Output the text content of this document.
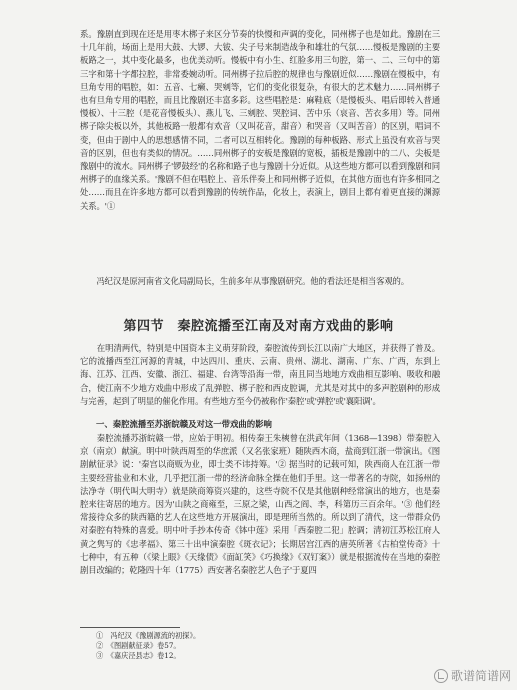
系。豫剧直到现在还是用枣木梆子来区分节奏的快慢和声调的变化，同州梆子也是如此。豫剧在三十几年前，场面上是用大鼓、大锣、大钹、尖子号来制造战争和雄壮的气氛……慢板是豫剧的主要板路之一，其中变化最多，也优美动听。慢板中有小生、红脸多用三句腔，第一、二、三句中的第三字和第十字都拉腔，非常委婉动听。同州梆子拉后腔的规律也与豫剧近似……豫剧在慢板中，有旦角专用的唱腔，如：五音、七癞、哭剜等，它们的变化很复杂，有很大的艺术魅力……同州梆子也有旦角专用的唱腔，而且比豫剧还丰富多彩。这些唱腔是：麻鞋底（是慢板头、唱后即转入普通慢板）、十三腔（是花音慢板头）、燕儿飞、三剜腔、哭腔词、苦中乐（哀音、苦衣多用）等。同州梆子除尖板以外，其他板路一般都有欢音（又叫花音，甜音）和哭音（又叫苦音）的区别，唱词不变，但由于剧中人的思想感情不同，二者可以互相转化。豫剧的每种板路、形式上虽没有欢音与哭音的区别，但也有类似的情况。……同州梆子的安板是豫剧的宽板，插板是豫剧中的二八、尖板是豫剧中的流水。同州梆子'锣鼓经'的名称和路子也与豫剧十分近似。从这些地方都可以看到豫剧和同州梆子的血缘关系。'豫剧不但在唱腔上、音乐伴奏上和同州梆子近似，在其他方面也有许多相同之处……而且在许多地方都可以看到豫剧的传统作品，化妆上，表演上，剧目上都有着更直接的渊源关系。'①

　　冯纪汉是原河南省文化局副局长，生前多年从事豫剧研究。他的看法还是相当客观的。

第四节　秦腔流播至江南及对南方戏曲的影响

　　在明清两代，特别是中国资本主义萌芽阶段，秦腔流传到长江以南广大地区，并获得了普及。它的流播西至江河源的青城，中达四川、重庆、云南、贵州、湖北、湖南、广东、广西，东到上海、江苏、江西、安徽、浙江、福建、台湾等沿海一带，南且同当地地方戏曲相互影响、吸收和融合，使江南不少地方戏曲中形成了乱弹腔、梆子腔和西皮腔调，尤其是对其中的多声腔剧种的形成与完善，起到了明显的催化作用。有些地方至今仍被称作'秦腔'或'弹腔'或'襄阳调'。

一、秦腔流播至苏浙皖赣及对这一带戏曲的影响

　　秦腔流播苏浙皖赣一带，应始于明初。相传秦王朱樉曾在洪武年间（1368—1398）带秦腔入京（南京）献演。明中叶陕西周至的华庶派（又名张家班）随陕西木商，盐商到江浙一带演出。《图剧献征录》说：'秦宫以商贩为业，即士类不讳持筹。'② 据当时的记载可知，陕西商人在江浙一带主要经营盐业和木业，几乎把江浙一带的经济命脉全操在他们手里。这一带著名的寺院，如扬州的法净寺（明代叫大明寺）就是陕商筹资兴建的，这些寺院不仅是其他剧种经常演出的地方，也是秦腔来往寄居的地方。因为'山陕之商雍至，三原之梁，山西之阎、李，科第历三百余年。'③ 他们经常接待众多的陕西籍的艺人在这些地方开展演出，即是理所当然的。所以到了清代，这一带群众仍对秦腔有特殊的喜爱。明中叶手抄本传奇《钵中莲》采用「西秦腔二犯」腔调；清初江苏松江府人黄之隽写的《忠孝福》、第三十出申演秦腔《斑衣记》；长期居宫江西的唐英所著《古柏堂传奇》十七种中，有五种（《梁上眼》《天缘债》《面缸笑》《巧换缘》《双钉案》）就是根据流传在当地的秦腔剧目改编的；乾隆四十年（1775）西安著名秦腔艺人色子'于夏四

①　冯纪汉《豫剧源流的初探》。
②　《图剧献征录》卷57。
③　《嘉庆泾县志》卷12。
歌谱简谱网
